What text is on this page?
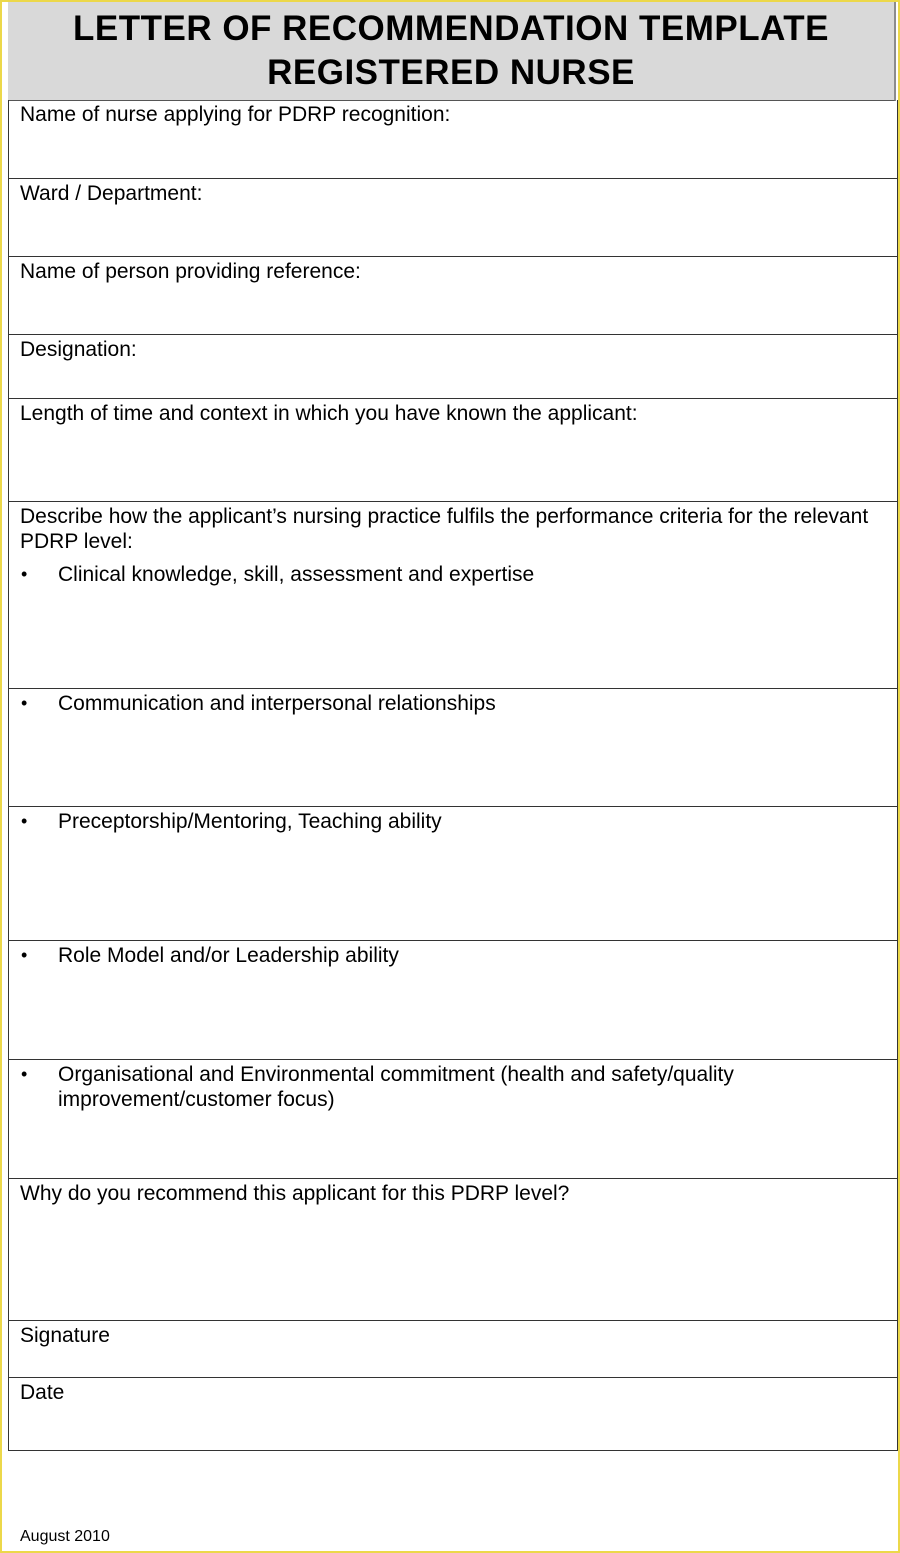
LETTER OF RECOMMENDATION TEMPLATE
REGISTERED NURSE
Name of nurse applying for PDRP recognition:
Ward / Department:
Name of person providing reference:
Designation:
Length of time and context in which you have known the applicant:
Describe how the applicant’s nursing practice fulfils the performance criteria for the relevant PDRP level:
•	Clinical knowledge, skill, assessment and expertise
•	Communication and interpersonal relationships
•	Preceptorship/Mentoring, Teaching ability
•	Role Model and/or Leadership ability
•	Organisational and Environmental commitment (health and safety/quality improvement/customer focus)
Why do you recommend this applicant for this PDRP level?
Signature
Date
August 2010
